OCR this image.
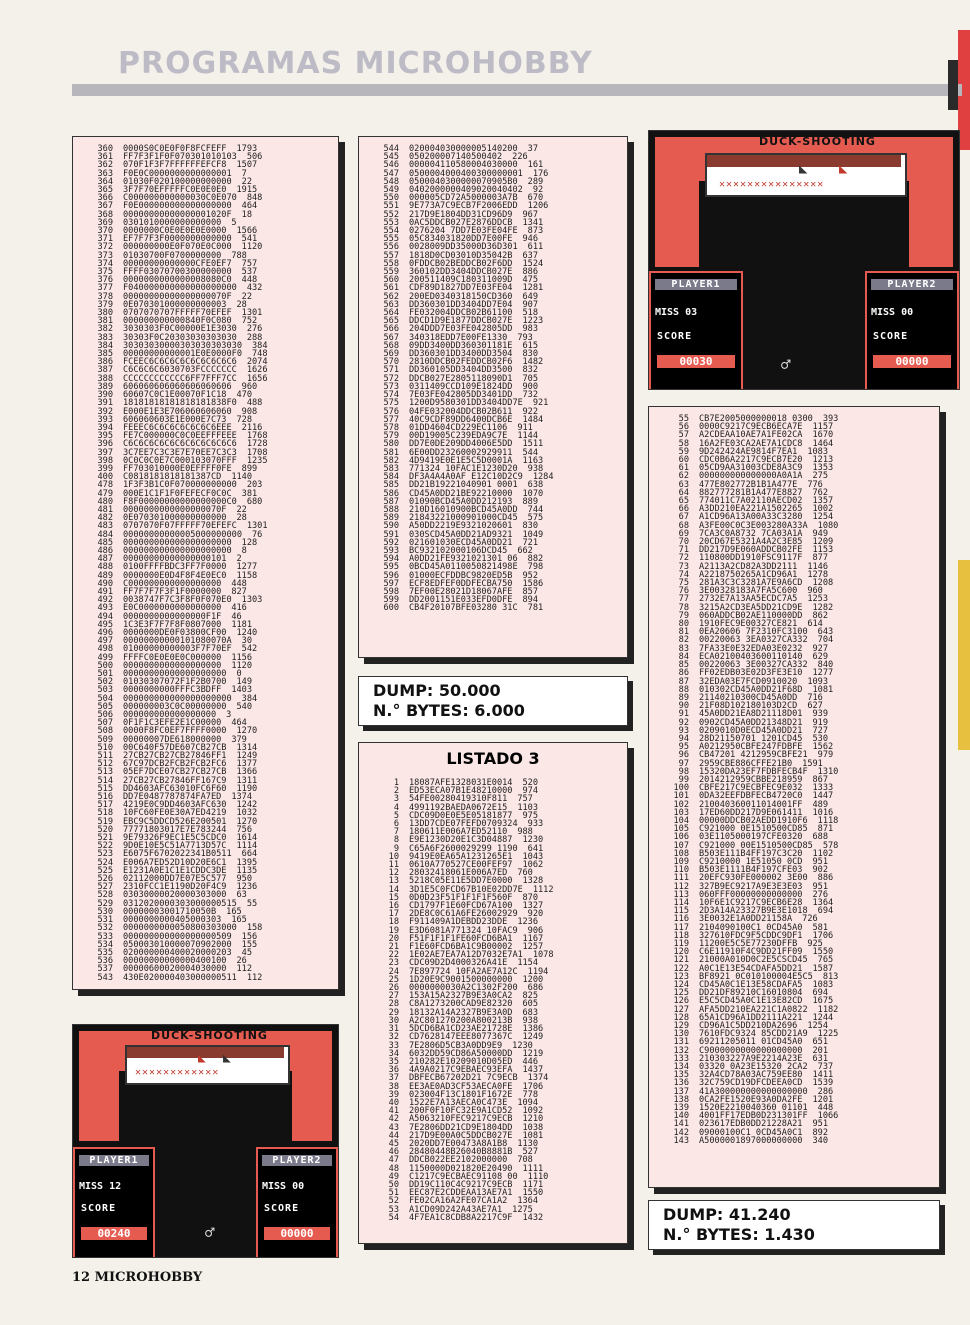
PROGRAMAS MICROHOBBY
360 0000S0C0E0F0F8FCFEFF 1793
361 FF7F3F1F0F070301010103 506
362 070F1F3F7FFFFFFEFCF8 1507
363 F0E0C0000000000000001 7
364 01030F020100000000000 22
365 3F7F70EFFFFFC0E0E0E0 1915
366 C000000000000030C0E070 848
367 F0E000000000000000000 464
368 00000000000000001020F 18
369 0301010000000000000 5
370 0000000C0E0E0E0E0000 1566
371 EF7F7F3F0000000000000 541
372 000000000E0F070E0C000 1120
373 01030700F0700000000 788
374 00000000000000CFE0EF7 757
375 FFFF03070700300000000 537
376 0000000000000008080C0 448
377 F040000000000000000000 432
378 00000000000000000070F 22
379 0E070301000000000003 28
380 0707070707FFFFF70EFEF 1301
381 000000000000840F0C080 752
382 3030303F0C00000E1E3030 276
383 30303F0C20303030303030 288
384 30303030000303030303030 384
385 00000000000001E0E0000F0 748
386 FCEEC6C6C6C6C6C6C6C6C6 2074
387 C6C6C6C6030703FCCCCCCC 1626
388 CCCCCCCCCCCC6FF7FFF7CC 1656
389 606060606060606060606 960
390 60607C0C1E00070F1C18 470
391 18181818181818181838F0 488
392 E000E1E3E706060606060 908
393 606060603E1E000E7C73 728
394 FEEEC6C6C6C6C6C6C6EEE 2116
395 FE7C000000C0C0EEFFFEEE 1768
396 C6C6C6C6C6C6C6C6C6C6C6 1728
397 3C7EE7C3C3E7E70EE7C3C3 1708
398 0C0C0C0E7C000103070FFF 1235
399 FF703010000E0EFFFF0FE 899
400 C0818181818181387CD 1140
478 1F3F3B1C0F070000000000 203
479 000E1C1F1F0FEFECF0C0C 381
480 F8F00000000000000000C0 680
481 0000000000000000070F 22
482 0E070301000000000000 28
483 0707070F07FFFFF70EFEFC 1301
484 00000000000005000000000 76
485 000000000000000000000 128
486 000000000000000000000 8
487 00000000000000000101 2
488 0100FFFFBDC3FF7F0000 1277
489 0000000E0D4F8F4E0EC0 1158
490 C000000000000000000 448
491 FF7F7F7F3F1F0000000 827
492 0038747F7C3F8F0F070E0 1303
493 E0C0000000000000000 416
494 0000000000000000F1F 46
495 1C3E3F7F7F8F0807000 1181
496 0000000DE0F03800CF00 1240
497 00000000000101080070A 30
498 01000000000003F7F70EF 542
499 FFFFC0E0E0E0C000000 1156
500 0000000000000000000 1120
501 00000000000000000000 0
502 01030307072F1F2B0700 149
503 0000000000FFFC3BDFF 1403
504 000000000000000000000 384
505 000000003C0C00000000 540
506 000000000000000000 3
507 0F1F1C3EFE2E1C00000 464
508 0000F8FC0EF7FFFF0000 1270
509 00000007DE618000000 379
510 00C640F57DE607CB27CB 1314
511 27CB27CB27CB27846FF1 1249
512 67C97DCB2FCB2FCB2FC6 1377
513 05EF7DCE07CB27CB27CB 1366
514 27CB27CB27846FF167C9 1311
515 DD4603AFC63010FC6F60 1190
516 DD7E0487787874FA7ED 1374
517 4219E0C9DD4603AFC630 1242
518 10FC60FE0E30A7ED4219 1032
519 EBC9C5DDCD526E200501 1270
520 77771803017E7E783244 756
521 9E79326F9EC1E5C5CDC0 1614
522 9D0E10E5C51A7713D57C 1114
523 E6075F6702022341B0511 664
524 E006A7ED52D10D20E6C1 1395
525 E1231A0E1C1E1CDDC3DE 1135
526 02112000DD7E07E5C577 950
527 2310FCC1E1190D20F4C9 1236
528 03030000020000303000 63
529 0312020000303000000515 55
530 00000003001710050B 165
531 0000000000405000303 165
532 0000000000050800303000 158
533 000000000000000000509 156
534 050003010000070902000 155
535 020000000400020000203 45
536 00000000000000400100 26
537 00000600020004030000 112
543 430E020000403000000511 112
544 020004030000005140200 37
545 050200007140500402 226
546 000004110580004030000 161
547 0500004000400300000001 176
548 0500040300000070905B0 289
549 0402000000409020040402 92
550 000005CD72A5000003A7B 670
551 9E773A7C9ECB7F2006EDD 1206
552 217D9E1804DD31CD96D9 967
553 0AC5DDCB027E2876DDCB 1341
554 0276204 7DD7E03FE04FE 873
555 05C834031820DD7E00FE 946
556 0028009DD35000D36D301 611
557 1818D0CD03010D35042B 637
558 0FDDCB02BEDDCB02F6DD 1524
559 360102DD3404DDCB027E 886
560 200511409C180311009D 475
561 CDF89D1827DD7E03FE04 1281
562 200ED0340318150CD360 649
563 DD360301DD3404DD7E04 907
564 FE032004DDCB02B61100 518
565 DDCD1D9E1877DDCB027E 1223
566 204DDD7E03FE042805DD 983
567 340318EDD7E00FE1330 793
568 09DD3400DD360301181E 615
569 DD360301DD3400DD3504 830
570 2810DDCB02FEDDCB02F6 1482
571 DD360105DD3404DD3500 832
572 DDCB027E2805118090D1 705
573 0311409CCD109E1824DD 900
574 7E03FE042805DD3401DD 732
575 1200D9580301DD3404DD7E 921
576 04FE032004DDCB02B611 922
577 40C9CDF89DD6400DCB6E 1484
578 01DD4604CD229EC1106 911
579 00D19005C239EDA9C7E 1144
580 DD7E0DE209DD4006E5DD 1511
581 6E00DD23260002929911 544
582 4D9419E0E1E5C5D0001A 1163
583 771324 10FAC1E1230D20 938
584 DF3A4A4A0AF E12C10D2C9 1284
585 DD21B19221040901 0001 638
586 CD45A0DD21BE92210000 1070
587 01090BCD45A0DD212193 889
588 210D16010900BCD45A0DD 744
589 21843221000901000CD45 575
590 A50DD2219E9321020601 830
591 030SCD45A0DD21AD9321 1049
592 021601030ECD45A0DD21 721
593 BC932102000106DCD45 662
594 A0DD21FE9321021301 06 882
595 0BCD45A0110050821498E 798
596 01000ECFDDBC9820ED5B 952
597 ECF8EDFEF0DDFECBA750 1586
598 7EF00E28021D18067AFE 857
599 DD2001151E033EFD0DFE 894
600 CB4F20107BFE03280 31C 781
DUMP: 50.000
N.° BYTES: 6.000
LISTADO 3
1 18087AFE1328031E0014 520
2 ED53ECA07B1E48210000 974
3 54FE00280419310F811 757
4 4991192BAEDA0672E15 1103
5 CDC09D0E0E5E05181877 975
6 13DD7CDE07FEFD0709324 933
7 180611E006A7ED52110 988
8 E9E1230D20E1C3D04887 1230
9 C65A6F2600029299 1190 641
10 9419E0EA65A1231265E1 1043
11 0610A770527CE00FEF97 1062
12 28032418061E006A7ED 760
13 5218C05E11E5DD7E0000 1328
14 3D1E5C0FCD67B10E02DD7E 1112
15 0D0D23F51F1F1F1F560F 870
16 CD1797F1E60FCD67A100 1327
17 2DE8C0C61A6FE26002929 920
18 F911409A1DEBDD23DDE 1236
19 E3D6081A771324 10FAC9 906
20 F51F1F1F1FE60FCD6BA1 1167
21 F1E60FCD6BA1C9B00002 1257
22 1E02AE7EA7A12D7032E7A1 1078
23 CDC09D2D4000326A41E 1154
24 7E897724 10FA2AE7A12C 1194
25 1D20E9C9001500000000 1200
26 0000000030A2C1302F200 686
27 153A15A2327B9E3A0CA2 825
28 C8A1273200CAD9E82320 605
29 18132A14A2327B9E3A0D 683
30 A2C801270200A800213B 938
31 5DCD6BA1CD23AE21728E 1386
32 CD7628147EEE8077367C 1249
33 7E2806D5CB3A0DD9E9 1230
34 6032DD59CD86A50000DD 1219
35 210282E10209010D05ED 446
36 4A9A0217C9EBAEC93EFA 1437
37 DBFECB67202D21 7C9ECB 1374
38 EE3AE0AD3CF53AECA0FE 1706
39 023004F13C1801F1672E 778
40 1522E7A13AECA0C473E 1094
41 200F0F10FC32E9A1CD52 1092
42 A5063210FEC9217C9ECB 1210
43 7E2806DD21CD9E1804DD 1038
44 217D9E00A0C5DDCB027E 1081
45 2020DD7E00473A8A1B8 1130
46 28480448B26040B8881B 527
47 DDCB022EE2102000000 708
48 1150000D021820E20490 1111
49 C1217C9ECBAEC91108 00 1110
50 DD19C110C4C9217C9ECB 1171
51 EEC87E2CDDEAA13AE7A1 1550
52 FE02CA16A2FE07CA1A2 1364
53 A1CD09D242A43AE7A1 1275
54 4F7EA1C8CDB8A2217C9F 1432
55 CB7E2005000000018 0300 393
56 0000C9217C9ECB6ECA7E 1157
57 A2CDEAA10AE7A1FE02CA 1670
58 16A2FE03CA2AE7A1CDC8 1464
59 9D242424AE9814F7EA1 1083
60 CDC0B6A2217C9ECB7E20 1213
61 05CD9AA31003CDE8A3C9 1353
62 000000000000000A0A1A 275
63 477E802772B1B1A477E 776
64 882777281B1A477E8827 762
65 774011C7A02110AECD02 1357
66 A3DD210EA221A1502265 1002
67 A1CD96A13A00A33C3280 1254
68 A3FE00C0C3E003280A33A 1080
69 7CA3C0A8732 7CA03A1A 949
70 20CD67E5321A4A2C3E85 1209
71 DD217D9E060ADDCB02FE 1153
72 110800DD1910FSC9117F 877
73 A2113A2CD82A3DD2111 1146
74 A2218750265A1CD96A1 1278
75 281A3C3C3281A7E9A6CD 1208
76 3E00328183A7FA5C600 960
77 2732E7A13AA5ECDC7A5 1253
78 3215A2CD3EA5DD21CD9E 1282
79 060ADDCB02AE110000DD 862
80 1910FEC9E00327CE821 614
81 0EA20606 7F2310FC3100 643
82 00220063 3EA0327CA332 704
83 7FA33E0E32EDA03E0232 927
84 ECA02100403600110140 629
85 00220063 3E00327CA332 840
86 FF02EDB03E02D3FE3E10 1277
87 32EDA03E7FCD0910020 1093
88 010302CD45A0DD21F68D 1081
89 21140210300CD45A0DD 716
90 21F08D102180103D2CD 627
91 45A0DD21EA8D21118D01 939
92 0902CD45A0DD21348D21 919
93 0209010D0ECD45A0DD21 727
94 28D21150701 1201CD45 530
95 A0212950CBFE247FDBFE 1562
96 CB47201 4212959CBFE21 979
97 2959CBE886CFFE21B0 1591
98 15320DA23EF7FDBFECB4F 1310
99 2014212959CBBE218959 867
100 CBFE217C9ECBFEC9E032 1333
101 0DA32EEFDBFECB4720C0 1447
102 210040360011014001FF 489
103 17ED60DD217D9E061411 1016
104 00000DDCB02AEDD1910F6 1118
105 C921000 0E1510500CD85 871
106 03E1105000197CFE0320 688
107 C921000 00E1510500CD85 578
108 B503E111B4FF197C3C20 1102
109 C9210000 1E51050 0CD 951
110 B503E1111B4F197CFE03 902
111 20EFC930FE000002 3E00 886
112 327B9EC9217A9E3E3E03 951
113 060FFF00000000000000 276
114 10F6E1C9217C9ECB6E28 1364
115 2D3A14A23327B9E3E1018 694
116 3E0032E1A0DD21158A 726
117 2104090100C1 0CD45A0 581
118 327610FDC9F5CDDC9DF1 1706
119 11200E5C5E77230DFFB 925
120 C6E11910F4C9DD21FF09 1550
121 21000A010D0C2E5CSCD45 765
122 A0C1E13E54CDAFA5DD21 1587
123 BF8921 0C010100004E5C5 813
124 CD45A0C1E13E58CDAFA5 1083
125 DD21DF89210C16010804 694
126 E5C5CD45A0C1E13E82CD 1675
127 AFA5DD210EA221C1A0822 1182
128 65A1CD96A1DD2111A221 1244
129 CD96A1C5DD210DA2696 1254
130 7610FDC9324 85CDD21A9 1225
131 69211205011 01CD45A0 651
132 C9000000000000000000 201
133 210303227A9E2214A23E 631
134 03320 0A23E15320 2CA2 737
135 32A4CD78A03AC759EE80 1411
136 32C759CD19DFCDEEA0CD 1539
137 41A300000000000000000 286
138 0CA2FE1520E93A0DA2FE 1201
139 1520E2210040360 01101 448
140 4001FF17EDB0D231301FF 1066
141 023617EDB0DD21228A21 951
142 09000100C1 0CD45A0C1 892
143 A5000001897000000000 340
DUMP: 41.240
N.° BYTES: 1.430
DUCK-SHOOTING
✕✕✕✕✕✕✕✕✕✕✕✕✕✕✕
◣ ◣
♂
PLAYER1
MISS 03
SCORE
00030
PLAYER2
MISS 00
SCORE
00000
DUCK-SHOOTING
✕✕✕✕✕✕✕✕✕✕✕✕
◣ ◣
♂
PLAYER1
MISS 12
SCORE
00240
PLAYER2
MISS 00
SCORE
00000
12 MICROHOBBY
